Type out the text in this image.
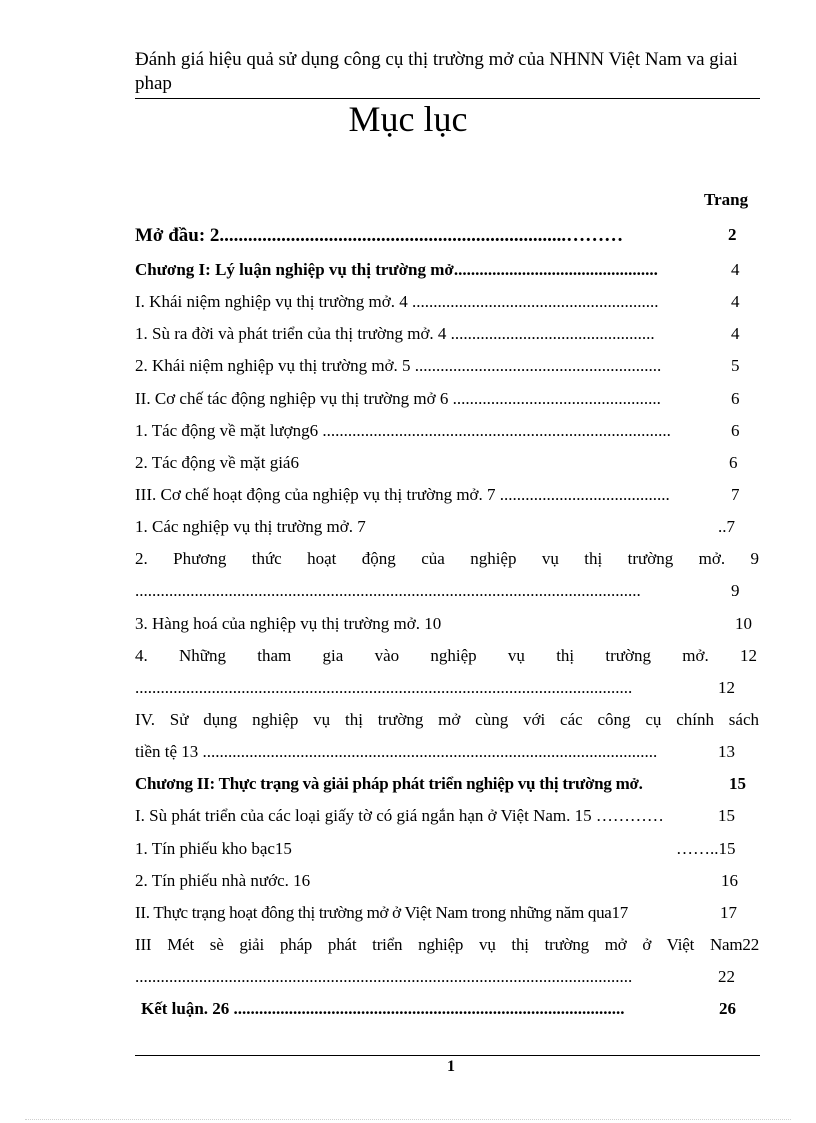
Đánh giá hiệu quả sử dụng công cụ thị trường mở của NHNN Việt Nam va giai phap
Mục lục
Trang
Mở đầu: 2.........................................................................………	2
Chương I: Lý luận nghiệp vụ thị trường mở................................................	4
I. Khái niệm nghiệp vụ thị trường mở. 4 ..........................................................	4
1. Sù ra đời và phát triển của thị trường mở. 4 ................................................	4
2. Khái niệm nghiệp vụ thị trường mở. 5 ..........................................................	5
II. Cơ chế tác động nghiệp vụ thị trường mở 6 .................................................	6
1. Tác động về mặt lượng6 ..................................................................................	6
2. Tác động về mặt giá6	6
III. Cơ chế hoạt động của nghiệp vụ thị trường mở. 7 ........................................	7
1. Các nghiệp vụ thị trường mở. 7	..7
2. Phương thức hoạt động của nghiệp vụ thị trường mở. 9
.......................................................................................................................	9
3. Hàng hoá của nghiệp vụ thị trường mở. 10	10
4. Những tham gia vào nghiệp vụ thị trường mở. 12
.....................................................................................................................	12
IV. Sử dụng nghiệp vụ thị trường mở cùng với các công cụ chính sách
tiền tệ 13 ...........................................................................................................	13
Chương II: Thực trạng và giải pháp phát triển nghiệp vụ thị trường mở.	15
I. Sù phát triển của các loại giấy tờ có giá ngắn hạn ở Việt Nam. 15 …………	15
1. Tín phiếu kho bạc15	……..15
2. Tín phiếu nhà nước. 16	16
II. Thực trạng hoạt đông thị trường mở ở Việt Nam trong những năm qua17	17
III Mét sè giải pháp phát triển nghiệp vụ thị trường mở ở Việt Nam22
.....................................................................................................................	22
Kết luận. 26 ............................................................................................	26
1
